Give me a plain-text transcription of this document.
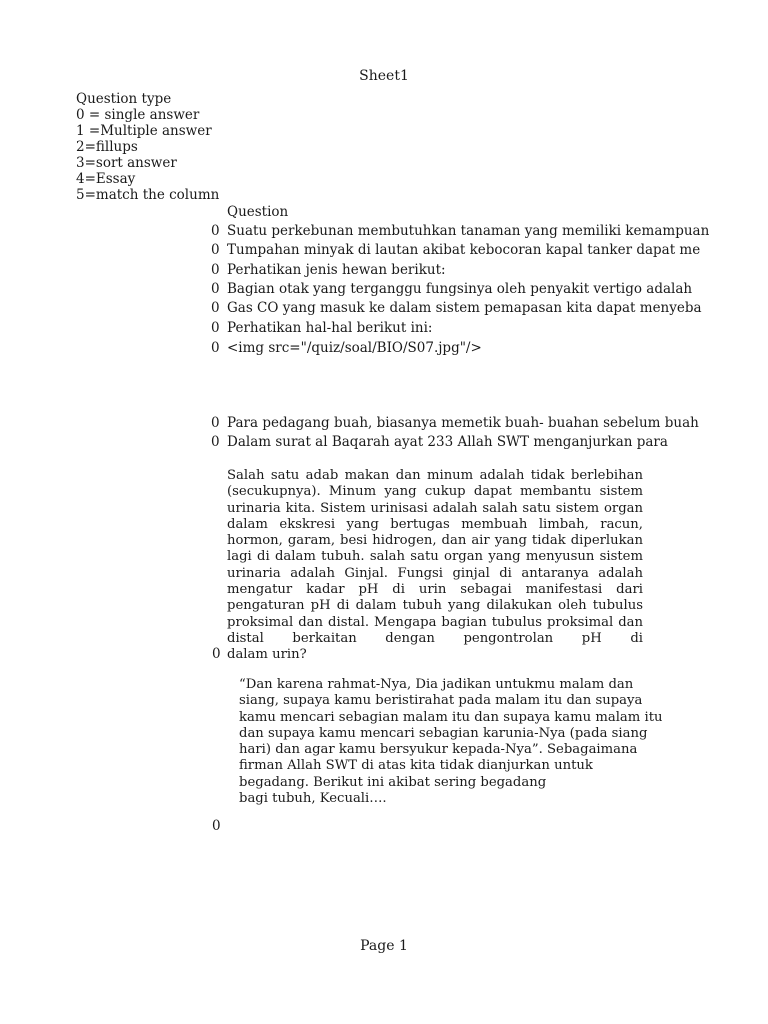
Sheet1
Question type
0 = single answer
1 =Multiple answer
2=fillups
3=sort answer
4=Essay
5=match the column
Question
0 Suatu perkebunan membutuhkan tanaman yang memiliki kemampuan
0 Tumpahan minyak di lautan akibat kebocoran kapal tanker dapat me
0 Perhatikan jenis hewan berikut:
0 Bagian otak yang terganggu fungsinya oleh penyakit vertigo adalah
0 Gas CO yang masuk ke dalam sistem pemapasan kita dapat menyeba
0 Perhatikan hal-hal berikut ini:
0 <img src="/quiz/soal/BIO/S07.jpg"/>
0 Para pedagang buah, biasanya memetik buah- buahan sebelum buah
0 Dalam surat al Baqarah ayat 233 Allah SWT menganjurkan para
Salah satu adab makan dan minum adalah tidak berlebihan (secukupnya). Minum yang cukup dapat membantu sistem urinaria kita. Sistem urinisasi adalah salah satu sistem organ dalam ekskresi yang bertugas membuah limbah, racun, hormon, garam, besi hidrogen, dan air yang tidak diperlukan lagi di dalam tubuh. salah satu organ yang menyusun sistem urinaria adalah Ginjal. Fungsi ginjal di antaranya adalah mengatur kadar pH di urin sebagai manifestasi dari pengaturan pH di dalam tubuh yang dilakukan oleh tubulus proksimal dan distal. Mengapa bagian tubulus proksimal dan distal berkaitan dengan pengontrolan pH di
dalam urin?
0
“Dan karena rahmat-Nya, Dia jadikan untukmu malam dan
siang, supaya kamu beristirahat pada malam itu dan supaya
kamu mencari sebagian malam itu dan supaya kamu malam itu
dan supaya kamu mencari sebagian karunia-Nya (pada siang
hari) dan agar kamu bersyukur kepada-Nya”. Sebagaimana
firman Allah SWT di atas kita tidak dianjurkan untuk
begadang. Berikut ini akibat sering begadang
bagi tubuh, Kecuali….
0
Page 1
